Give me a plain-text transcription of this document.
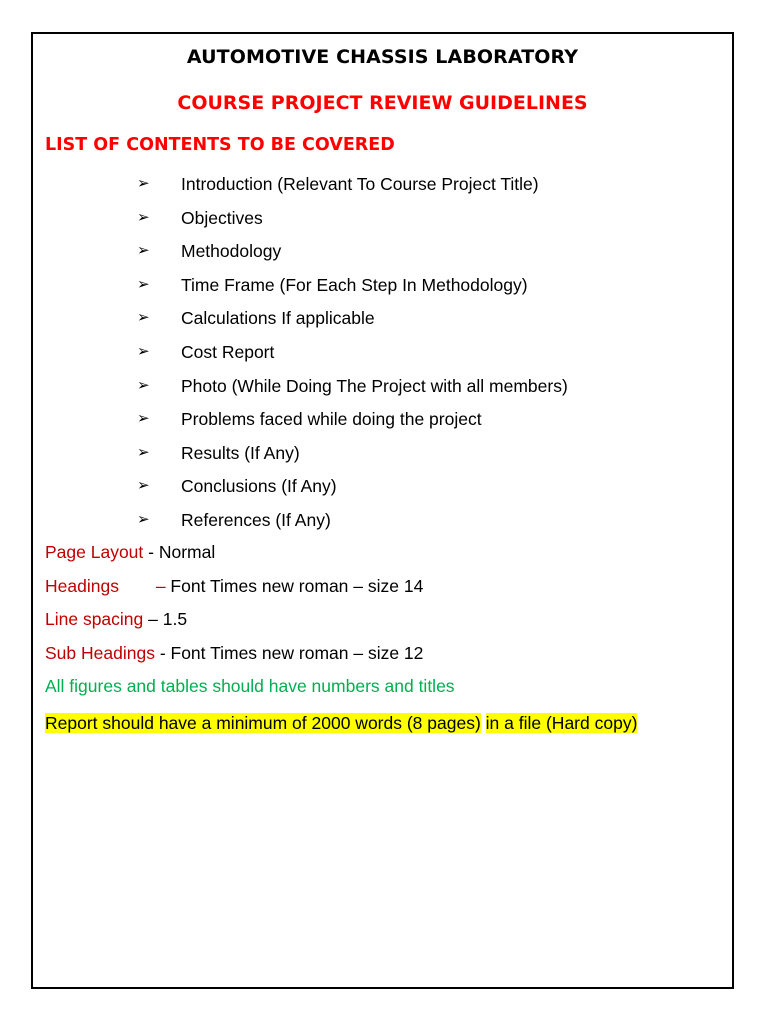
AUTOMOTIVE CHASSIS LABORATORY
COURSE PROJECT REVIEW GUIDELINES
LIST OF CONTENTS TO BE COVERED
➢	Introduction (Relevant To Course Project Title)
➢	Objectives
➢	Methodology
➢	Time Frame (For Each Step In Methodology)
➢	Calculations If applicable
➢	Cost Report
➢	Photo (While Doing The Project with all members)
➢	Problems faced while doing the project
➢	Results (If Any)
➢	Conclusions (If Any)
➢	References (If Any)
Page Layout - Normal
Headings – Font Times new roman – size 14
Line spacing – 1.5
Sub Headings - Font Times new roman – size 12
All figures and tables should have numbers and titles
Report should have a minimum of 2000 words (8 pages) in a file (Hard copy)
